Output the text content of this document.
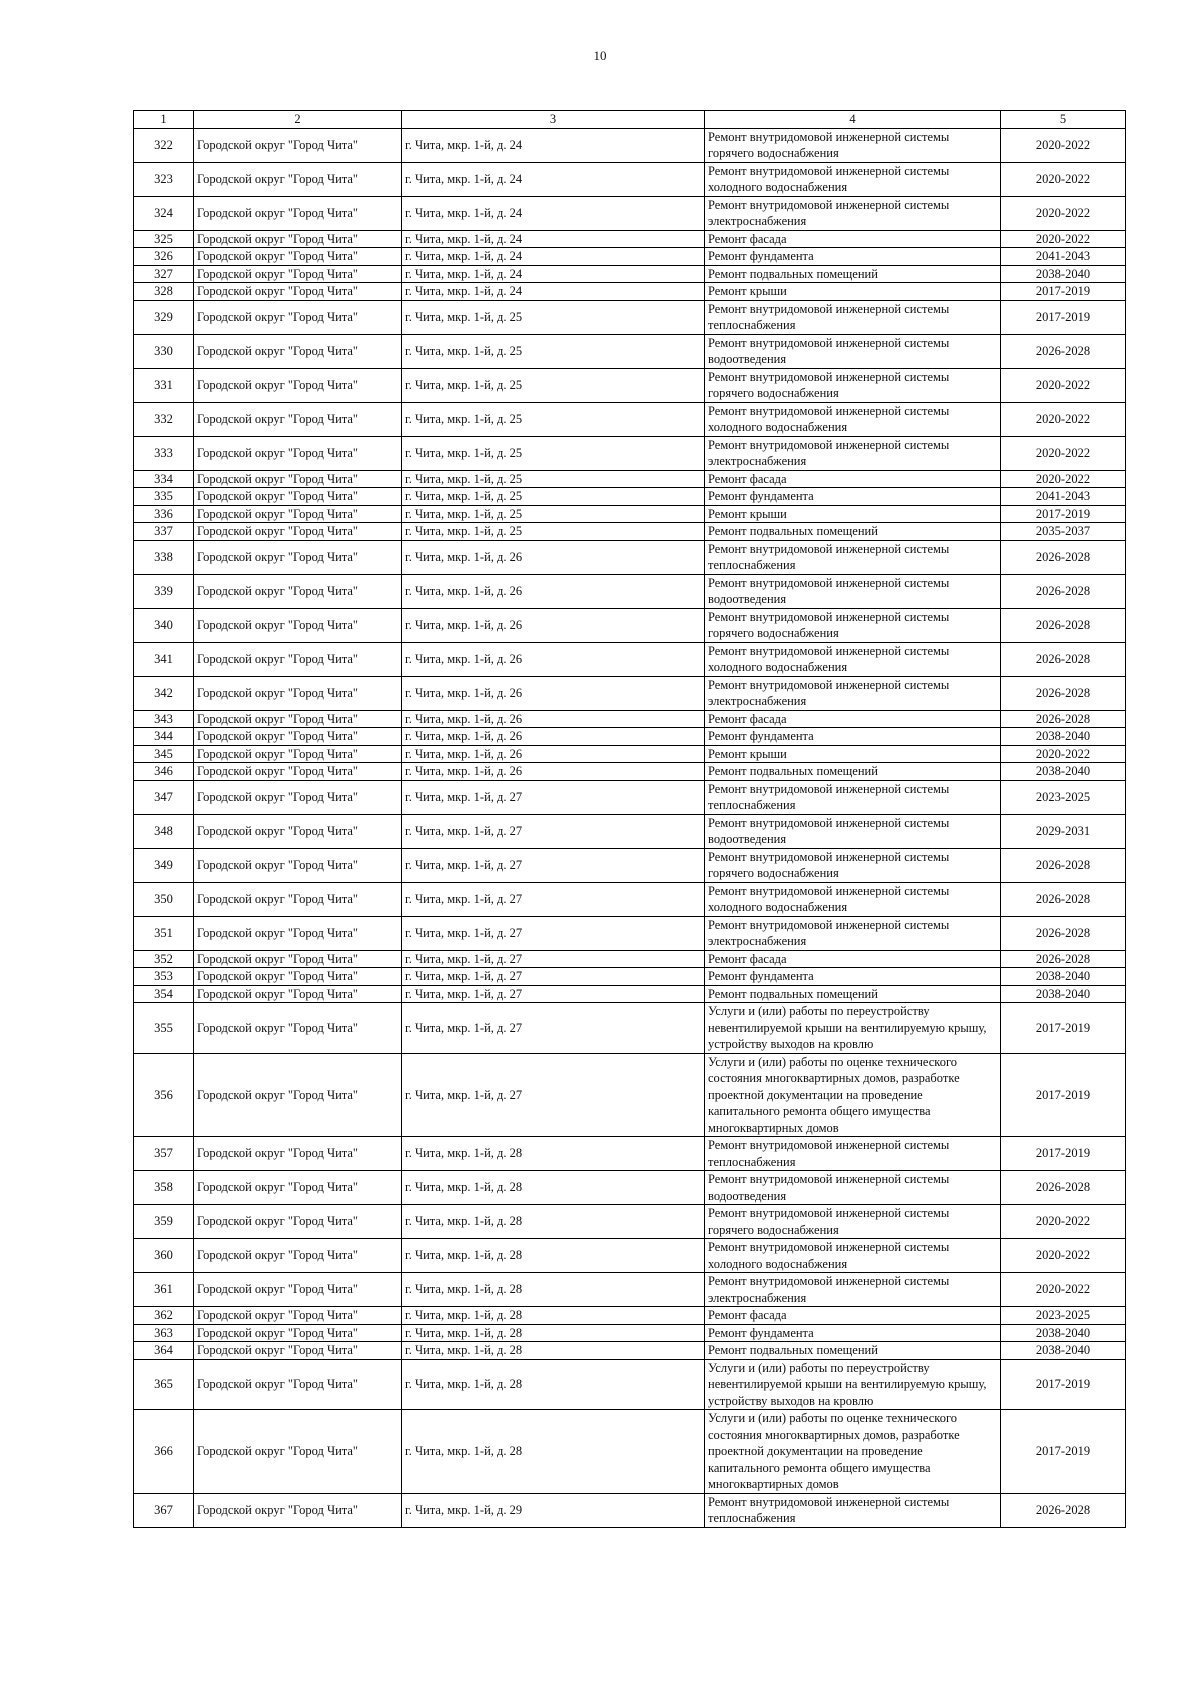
10
1	2	3	4	5
322	Городской округ "Город Чита"	г. Чита, мкр. 1-й, д. 24	Ремонт внутридомовой инженерной системы горячего водоснабжения	2020-2022
323	Городской округ "Город Чита"	г. Чита, мкр. 1-й, д. 24	Ремонт внутридомовой инженерной системы холодного водоснабжения	2020-2022
324	Городской округ "Город Чита"	г. Чита, мкр. 1-й, д. 24	Ремонт внутридомовой инженерной системы электроснабжения	2020-2022
325	Городской округ "Город Чита"	г. Чита, мкр. 1-й, д. 24	Ремонт фасада	2020-2022
326	Городской округ "Город Чита"	г. Чита, мкр. 1-й, д. 24	Ремонт фундамента	2041-2043
327	Городской округ "Город Чита"	г. Чита, мкр. 1-й, д. 24	Ремонт подвальных помещений	2038-2040
328	Городской округ "Город Чита"	г. Чита, мкр. 1-й, д. 24	Ремонт крыши	2017-2019
329	Городской округ "Город Чита"	г. Чита, мкр. 1-й, д. 25	Ремонт внутридомовой инженерной системы теплоснабжения	2017-2019
330	Городской округ "Город Чита"	г. Чита, мкр. 1-й, д. 25	Ремонт внутридомовой инженерной системы водоотведения	2026-2028
331	Городской округ "Город Чита"	г. Чита, мкр. 1-й, д. 25	Ремонт внутридомовой инженерной системы горячего водоснабжения	2020-2022
332	Городской округ "Город Чита"	г. Чита, мкр. 1-й, д. 25	Ремонт внутридомовой инженерной системы холодного водоснабжения	2020-2022
333	Городской округ "Город Чита"	г. Чита, мкр. 1-й, д. 25	Ремонт внутридомовой инженерной системы электроснабжения	2020-2022
334	Городской округ "Город Чита"	г. Чита, мкр. 1-й, д. 25	Ремонт фасада	2020-2022
335	Городской округ "Город Чита"	г. Чита, мкр. 1-й, д. 25	Ремонт фундамента	2041-2043
336	Городской округ "Город Чита"	г. Чита, мкр. 1-й, д. 25	Ремонт крыши	2017-2019
337	Городской округ "Город Чита"	г. Чита, мкр. 1-й, д. 25	Ремонт подвальных помещений	2035-2037
338	Городской округ "Город Чита"	г. Чита, мкр. 1-й, д. 26	Ремонт внутридомовой инженерной системы теплоснабжения	2026-2028
339	Городской округ "Город Чита"	г. Чита, мкр. 1-й, д. 26	Ремонт внутридомовой инженерной системы водоотведения	2026-2028
340	Городской округ "Город Чита"	г. Чита, мкр. 1-й, д. 26	Ремонт внутридомовой инженерной системы горячего водоснабжения	2026-2028
341	Городской округ "Город Чита"	г. Чита, мкр. 1-й, д. 26	Ремонт внутридомовой инженерной системы холодного водоснабжения	2026-2028
342	Городской округ "Город Чита"	г. Чита, мкр. 1-й, д. 26	Ремонт внутридомовой инженерной системы электроснабжения	2026-2028
343	Городской округ "Город Чита"	г. Чита, мкр. 1-й, д. 26	Ремонт фасада	2026-2028
344	Городской округ "Город Чита"	г. Чита, мкр. 1-й, д. 26	Ремонт фундамента	2038-2040
345	Городской округ "Город Чита"	г. Чита, мкр. 1-й, д. 26	Ремонт крыши	2020-2022
346	Городской округ "Город Чита"	г. Чита, мкр. 1-й, д. 26	Ремонт подвальных помещений	2038-2040
347	Городской округ "Город Чита"	г. Чита, мкр. 1-й, д. 27	Ремонт внутридомовой инженерной системы теплоснабжения	2023-2025
348	Городской округ "Город Чита"	г. Чита, мкр. 1-й, д. 27	Ремонт внутридомовой инженерной системы водоотведения	2029-2031
349	Городской округ "Город Чита"	г. Чита, мкр. 1-й, д. 27	Ремонт внутридомовой инженерной системы горячего водоснабжения	2026-2028
350	Городской округ "Город Чита"	г. Чита, мкр. 1-й, д. 27	Ремонт внутридомовой инженерной системы холодного водоснабжения	2026-2028
351	Городской округ "Город Чита"	г. Чита, мкр. 1-й, д. 27	Ремонт внутридомовой инженерной системы электроснабжения	2026-2028
352	Городской округ "Город Чита"	г. Чита, мкр. 1-й, д. 27	Ремонт фасада	2026-2028
353	Городской округ "Город Чита"	г. Чита, мкр. 1-й, д. 27	Ремонт фундамента	2038-2040
354	Городской округ "Город Чита"	г. Чита, мкр. 1-й, д. 27	Ремонт подвальных помещений	2038-2040
355	Городской округ "Город Чита"	г. Чита, мкр. 1-й, д. 27	Услуги и (или) работы по переустройству невентилируемой крыши на вентилируемую крышу, устройству выходов на кровлю	2017-2019
356	Городской округ "Город Чита"	г. Чита, мкр. 1-й, д. 27	Услуги и (или) работы по оценке технического состояния многоквартирных домов, разработке проектной документации на проведение капитального ремонта общего имущества многоквартирных домов	2017-2019
357	Городской округ "Город Чита"	г. Чита, мкр. 1-й, д. 28	Ремонт внутридомовой инженерной системы теплоснабжения	2017-2019
358	Городской округ "Город Чита"	г. Чита, мкр. 1-й, д. 28	Ремонт внутридомовой инженерной системы водоотведения	2026-2028
359	Городской округ "Город Чита"	г. Чита, мкр. 1-й, д. 28	Ремонт внутридомовой инженерной системы горячего водоснабжения	2020-2022
360	Городской округ "Город Чита"	г. Чита, мкр. 1-й, д. 28	Ремонт внутридомовой инженерной системы холодного водоснабжения	2020-2022
361	Городской округ "Город Чита"	г. Чита, мкр. 1-й, д. 28	Ремонт внутридомовой инженерной системы электроснабжения	2020-2022
362	Городской округ "Город Чита"	г. Чита, мкр. 1-й, д. 28	Ремонт фасада	2023-2025
363	Городской округ "Город Чита"	г. Чита, мкр. 1-й, д. 28	Ремонт фундамента	2038-2040
364	Городской округ "Город Чита"	г. Чита, мкр. 1-й, д. 28	Ремонт подвальных помещений	2038-2040
365	Городской округ "Город Чита"	г. Чита, мкр. 1-й, д. 28	Услуги и (или) работы по переустройству невентилируемой крыши на вентилируемую крышу, устройству выходов на кровлю	2017-2019
366	Городской округ "Город Чита"	г. Чита, мкр. 1-й, д. 28	Услуги и (или) работы по оценке технического состояния многоквартирных домов, разработке проектной документации на проведение капитального ремонта общего имущества многоквартирных домов	2017-2019
367	Городской округ "Город Чита"	г. Чита, мкр. 1-й, д. 29	Ремонт внутридомовой инженерной системы теплоснабжения	2026-2028
